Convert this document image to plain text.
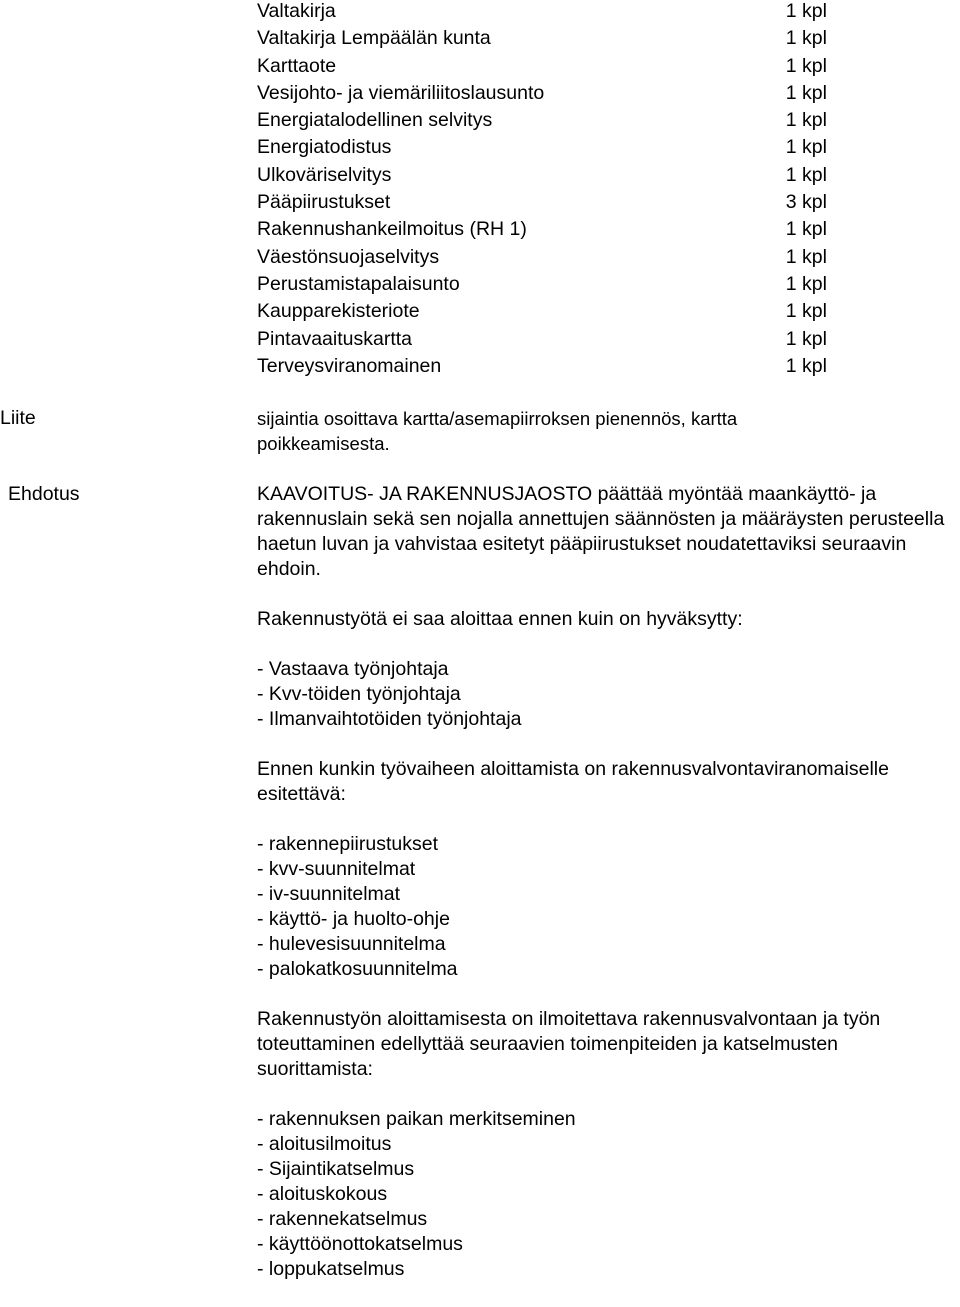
Valtakirja	1 kpl
Valtakirja Lempäälän kunta	1 kpl
Karttaote	1 kpl
Vesijohto- ja viemäriliitoslausunto	1 kpl
Energiatalodellinen selvitys	1 kpl
Energiatodistus	1 kpl
Ulkoväriselvitys	1 kpl
Pääpiirustukset	3 kpl
Rakennushankeilmoitus (RH 1)	1 kpl
Väestönsuojaselvitys	1 kpl
Perustamistapalaisunto	1 kpl
Kaupparekisteriote	1 kpl
Pintavaaituskartta	1 kpl
Terveysviranomainen	1 kpl
Liite	sijaintia osoittava kartta/asemapiirroksen pienennös, kartta poikkeamisesta.
Ehdotus	KAAVOITUS- JA RAKENNUSJAOSTO päättää myöntää maankäyttö- ja rakennuslain sekä sen nojalla annettujen säännösten ja määräysten perusteella haetun luvan ja vahvistaa esitetyt pääpiirustukset noudatettaviksi seuraavin ehdoin.

Rakennustyötä ei saa aloittaa ennen kuin on hyväksytty:

- Vastaava työnjohtaja
- Kvv-töiden työnjohtaja
- Ilmanvaihtotöiden työnjohtaja

Ennen kunkin työvaiheen aloittamista on rakennusvalvontaviranomaiselle esitettävä:

- rakennepiirustukset
- kvv-suunnitelmat
- iv-suunnitelmat
- käyttö- ja huolto-ohje
- hulevesisuunnitelma
- palokatkosuunnitelma

Rakennustyön aloittamisesta on ilmoitettava rakennusvalvontaan ja työn toteuttaminen edellyttää seuraavien toimenpiteiden ja katselmusten suorittamista:

- rakennuksen paikan merkitseminen
- aloitusilmoitus
- Sijaintikatselmus
- aloituskokous
- rakennekatselmus
- käyttöönottokatselmus
- loppukatselmus
